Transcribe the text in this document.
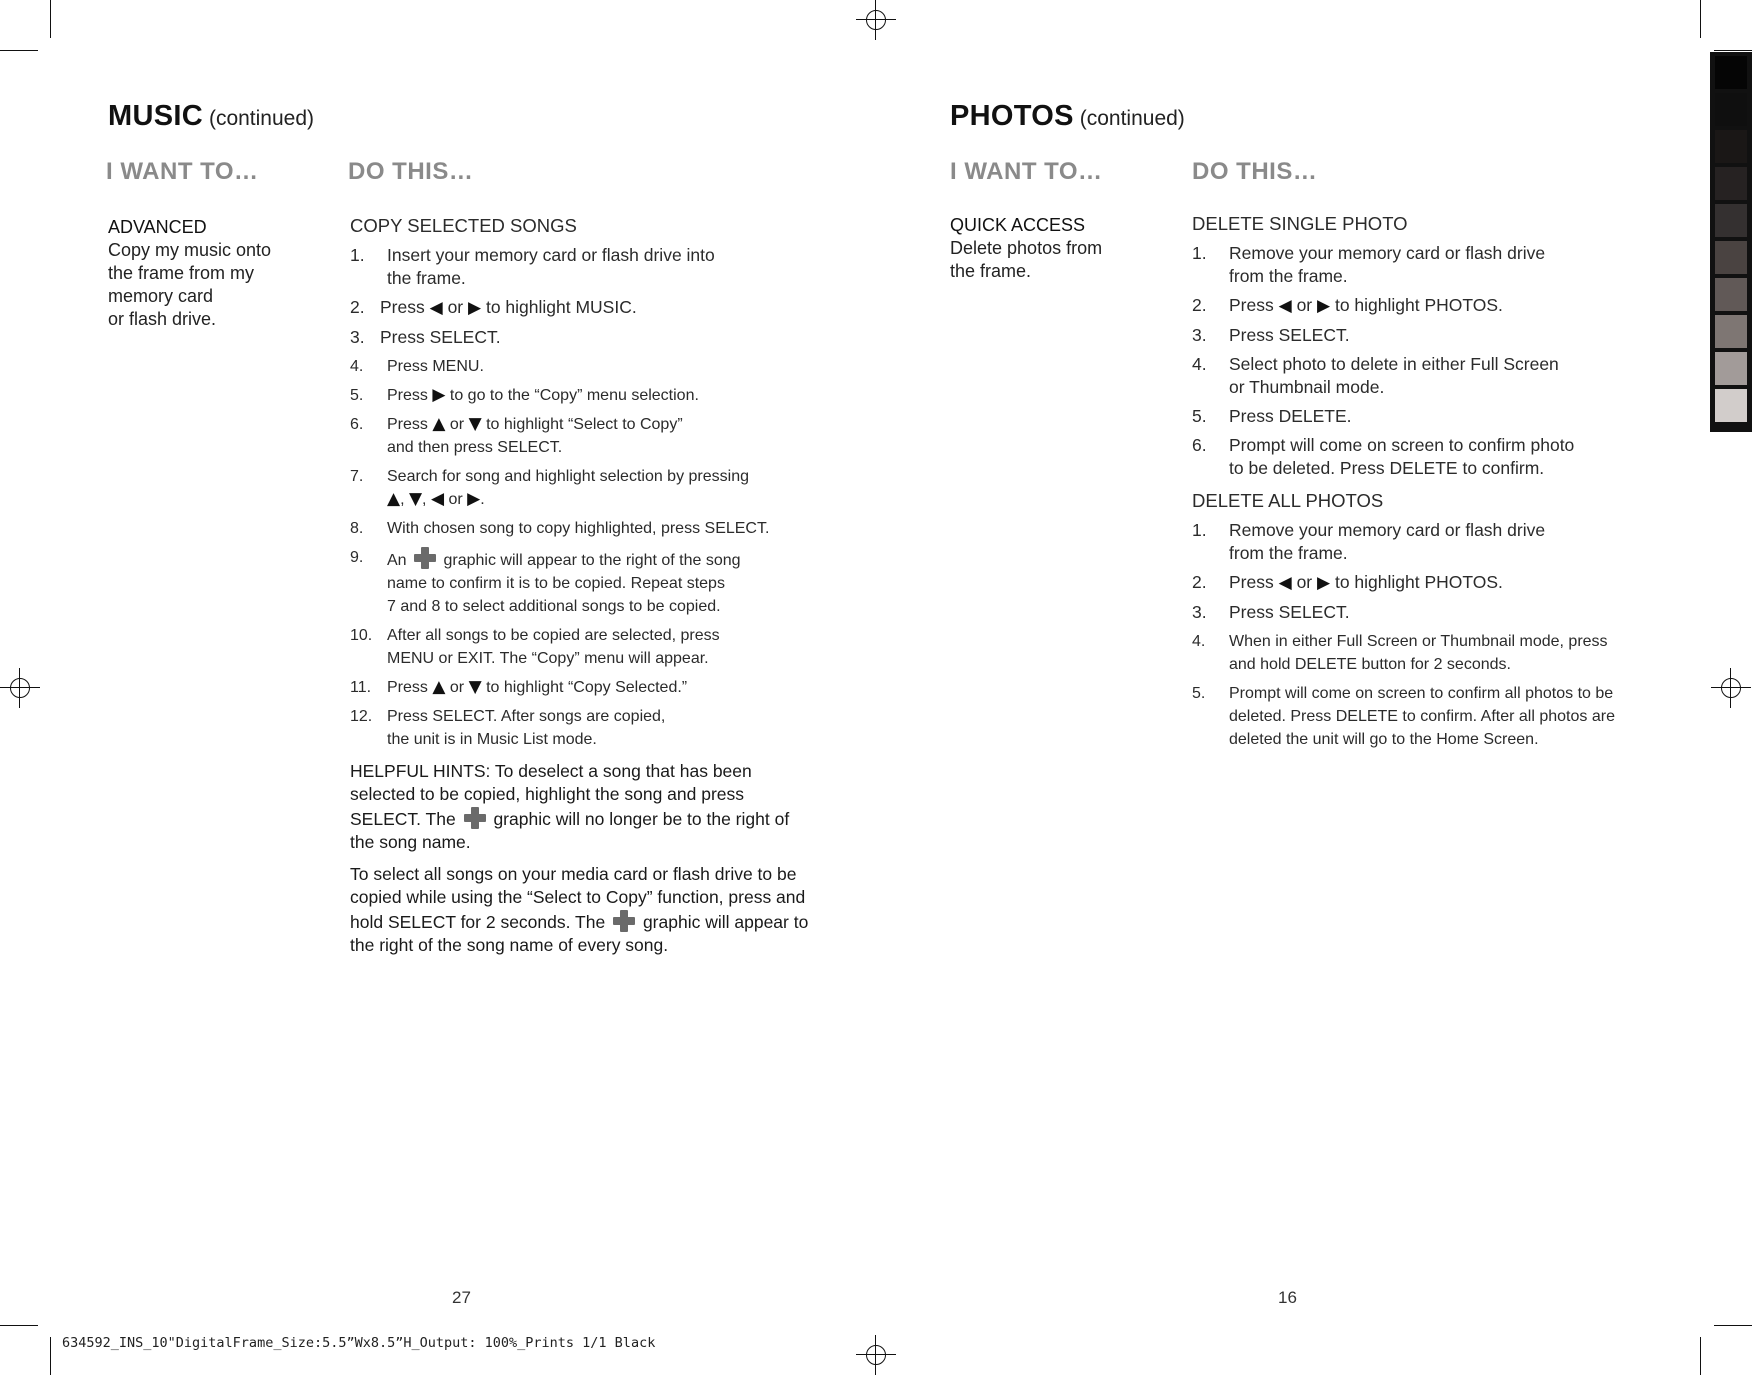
MUSIC (continued)
I WANT TO…	DO THIS…
ADVANCED
Copy my music onto
the frame from my
memory card
or flash drive.
COPY SELECTED SONGS
1.	Insert your memory card or flash drive into
the frame.
2. Press ◀ or ▶ to highlight MUSIC.
3. Press SELECT.
4.	Press MENU.
5.	Press ▶ to go to the “Copy” menu selection.
6.	Press ▲ or ▼ to highlight “Select to Copy”
and then press SELECT.
7.	Search for song and highlight selection by pressing
▲, ▼, ◀ or ▶.
8.	With chosen song to copy highlighted, press SELECT.
9.	An graphic will appear to the right of the song
name to confirm it is to be copied. Repeat steps
7 and 8 to select additional songs to be copied.
10. After all songs to be copied are selected, press
MENU or EXIT. The “Copy” menu will appear.
11. Press ▲ or ▼ to highlight “Copy Selected.”
12. Press SELECT. After songs are copied,
the unit is in Music List mode.

HELPFUL HINTS: To deselect a song that has been selected to be copied, highlight the song and press SELECT. The graphic will no longer be to the right of the song name.

To select all songs on your media card or flash drive to be copied while using the “Select to Copy” function, press and hold SELECT for 2 seconds. The graphic will appear to the right of the song name of every song.

27
PHOTOS (continued)
I WANT TO…	DO THIS…
QUICK ACCESS
Delete photos from
the frame.
DELETE SINGLE PHOTO
1.	Remove your memory card or flash drive
from the frame.
2.	Press ◀ or ▶ to highlight PHOTOS.
3.	Press SELECT.
4.	Select photo to delete in either Full Screen
or Thumbnail mode.
5.	Press DELETE.
6.	Prompt will come on screen to confirm photo
to be deleted. Press DELETE to confirm.
DELETE ALL PHOTOS
1.	Remove your memory card or flash drive
from the frame.
2.	Press ◀ or ▶ to highlight PHOTOS.
3.	Press SELECT.
4.	When in either Full Screen or Thumbnail mode, press
and hold DELETE button for 2 seconds.
5.	Prompt will come on screen to confirm all photos to be
deleted. Press DELETE to confirm. After all photos are
deleted the unit will go to the Home Screen.
16
634592_INS_10"DigitalFrame_Size:5.5”Wx8.5”H_Output: 100%_Prints 1/1 Black
